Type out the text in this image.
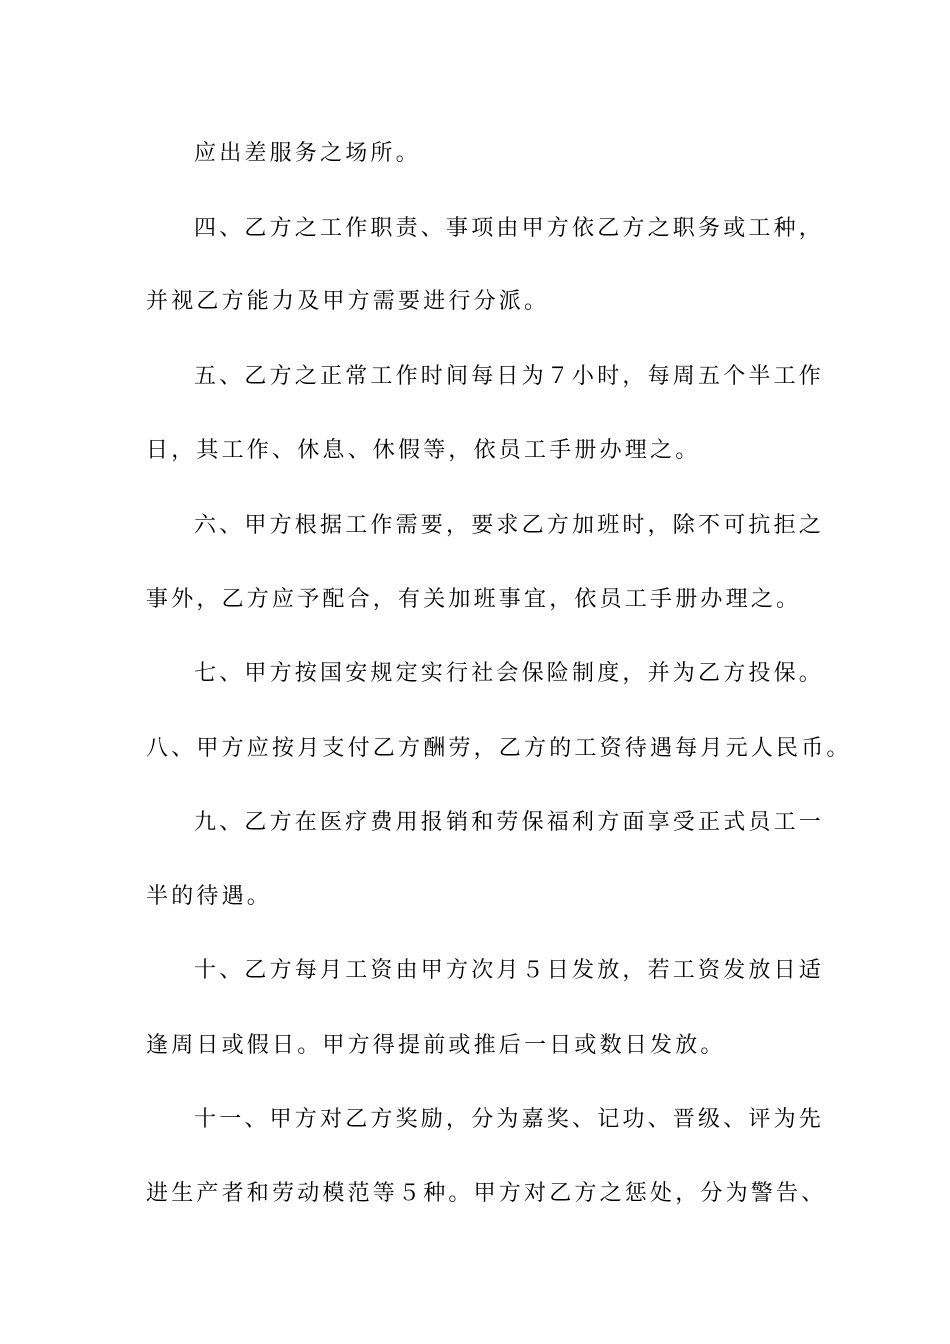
应出差服务之场所。
四、乙方之工作职责、事项由甲方依乙方之职务或工种，
并视乙方能力及甲方需要进行分派。
五、乙方之正常工作时间每日为７小时，每周五个半工作
日，其工作、休息、休假等，依员工手册办理之。
六、甲方根据工作需要，要求乙方加班时，除不可抗拒之
事外，乙方应予配合，有关加班事宜，依员工手册办理之。
七、甲方按国安规定实行社会保险制度，并为乙方投保。
八、甲方应按月支付乙方酬劳，乙方的工资待遇每月元人民币。
九、乙方在医疗费用报销和劳保福利方面享受正式员工一
半的待遇。
十、乙方每月工资由甲方次月５日发放，若工资发放日适
逢周日或假日。甲方得提前或推后一日或数日发放。
十一、甲方对乙方奖励，分为嘉奖、记功、晋级、评为先
进生产者和劳动模范等５种。甲方对乙方之惩处，分为警告、
